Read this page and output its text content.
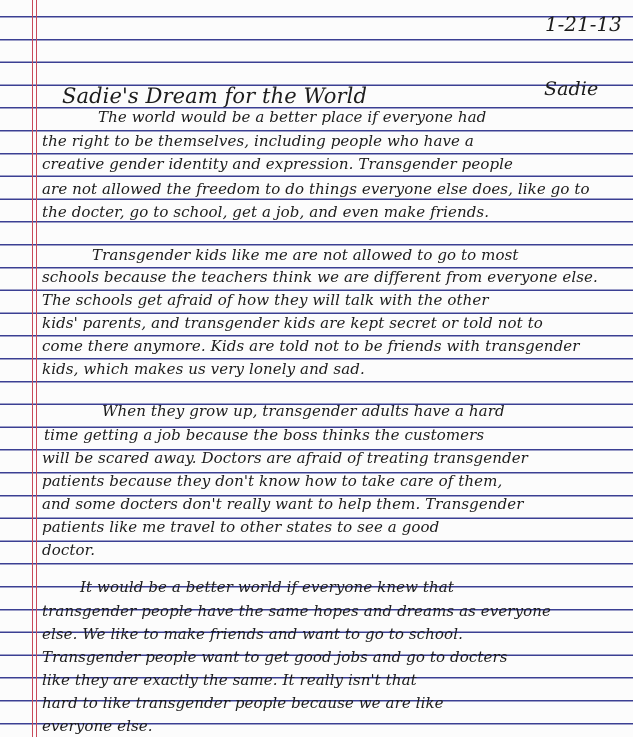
1-21-13
Sadie's Dream for the World	Sadie
The world would be a better place if everyone had
the right to be themselves, including people who have a
creative gender identity and expression. Transgender people
are not allowed the freedom to do things everyone else does, like go to
the docter, go to school, get a job, and even make friends.
Transgender kids like me are not allowed to go to most
schools because the teachers think we are different from everyone else.
The schools get afraid of how they will talk with the other
kids' parents, and transgender kids are kept secret or told not to
come there anymore. Kids are told not to be friends with transgender
kids, which makes us very lonely and sad.
When they grow up, transgender adults have a hard
time getting a job because the boss thinks the customers
will be scared away. Doctors are afraid of treating transgender
patients because they don't know how to take care of them,
and some docters don't really want to help them. Transgender
patients like me travel to other states to see a good
doctor.
It would be a better world if everyone knew that
transgender people have the same hopes and dreams as everyone
else. We like to make friends and want to go to school.
Transgender people want to get good jobs and go to docters
like they are exactly the same. It really isn't that
hard to like transgender people because we are like
everyone else.
